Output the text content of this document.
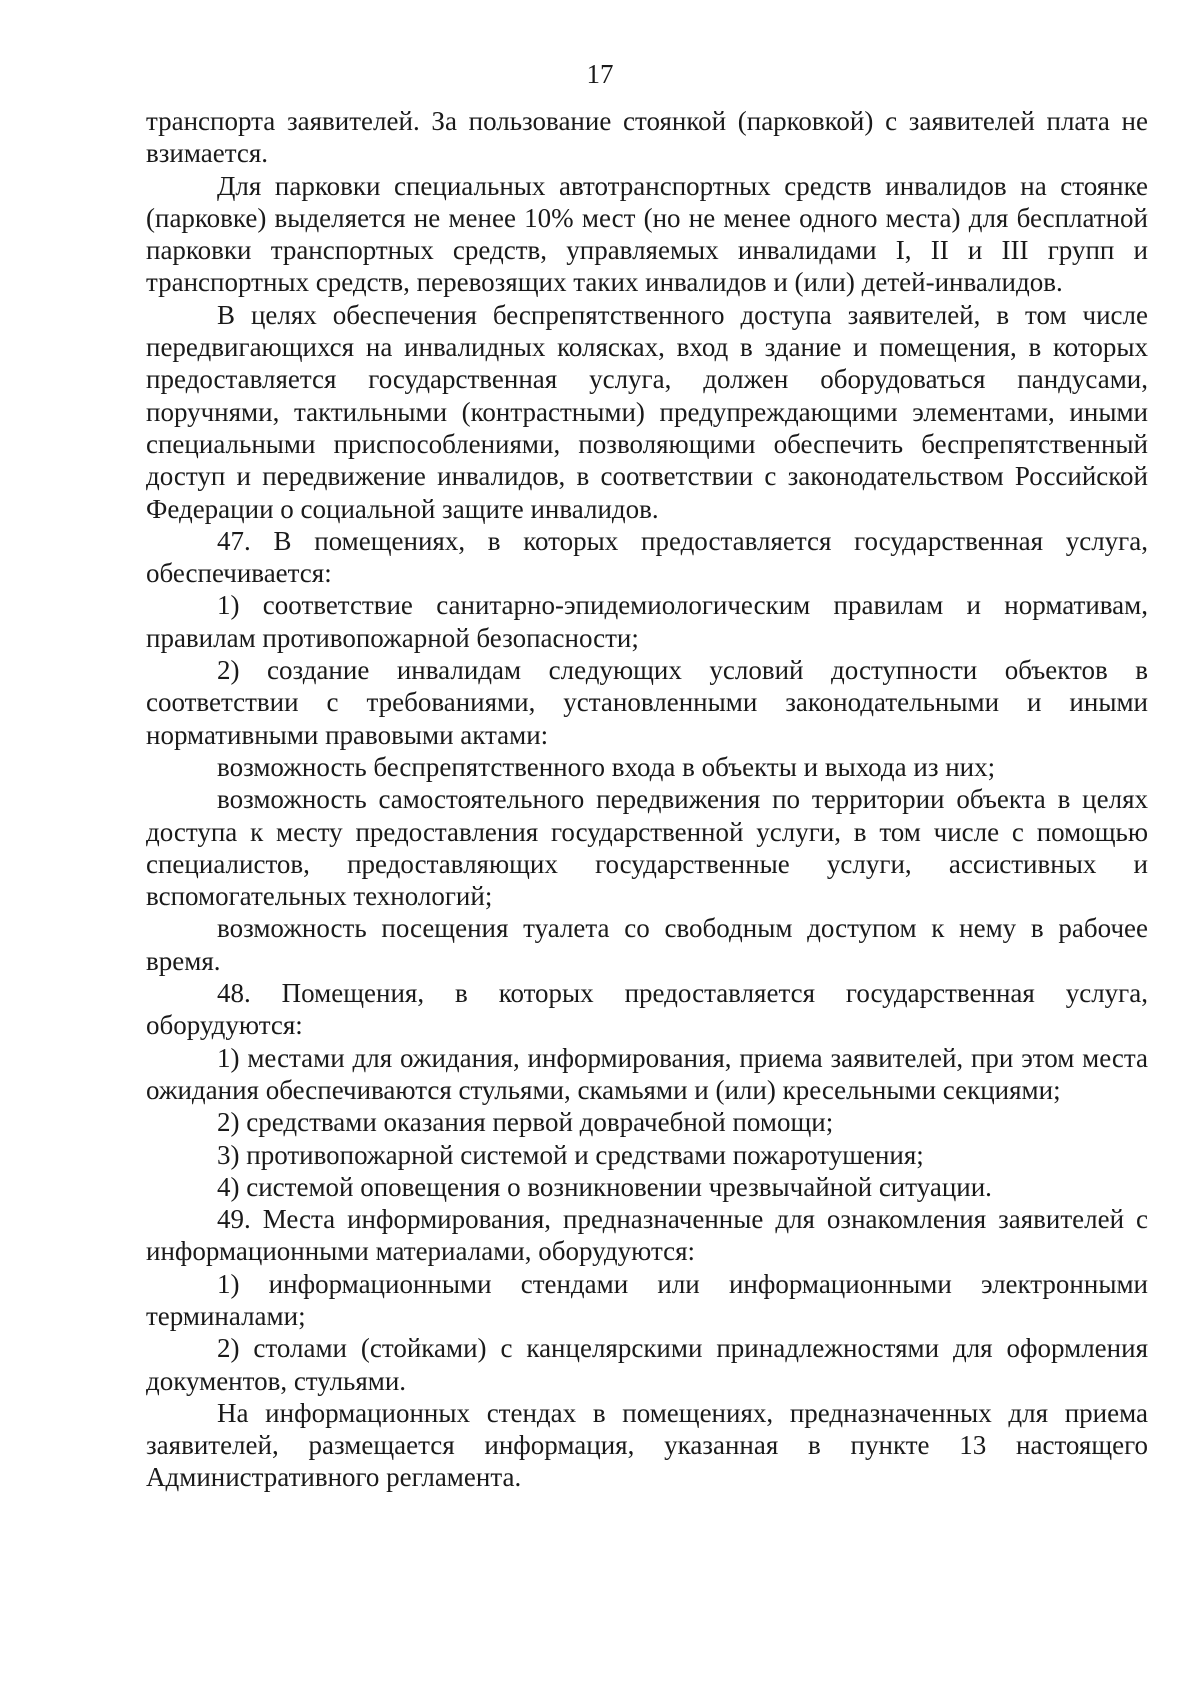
17

транспорта заявителей. За пользование стоянкой (парковкой) с заявителей плата не взимается.

Для парковки специальных автотранспортных средств инвалидов на стоянке (парковке) выделяется не менее 10% мест (но не менее одного места) для бесплатной парковки транспортных средств, управляемых инвалидами I, II и III групп и транспортных средств, перевозящих таких инвалидов и (или) детей-инвалидов.

В целях обеспечения беспрепятственного доступа заявителей, в том числе передвигающихся на инвалидных колясках, вход в здание и помещения, в которых предоставляется государственная услуга, должен оборудоваться пандусами, поручнями, тактильными (контрастными) предупреждающими элементами, иными специальными приспособлениями, позволяющими обеспечить беспрепятственный доступ и передвижение инвалидов, в соответствии с законодательством Российской Федерации о социальной защите инвалидов.

47. В помещениях, в которых предоставляется государственная услуга, обеспечивается:

1) соответствие санитарно-эпидемиологическим правилам и нормативам, правилам противопожарной безопасности;

2) создание инвалидам следующих условий доступности объектов в соответствии с требованиями, установленными законодательными и иными нормативными правовыми актами:

возможность беспрепятственного входа в объекты и выхода из них;

возможность самостоятельного передвижения по территории объекта в целях доступа к месту предоставления государственной услуги, в том числе с помощью специалистов, предоставляющих государственные услуги, ассистивных и вспомогательных технологий;

возможность посещения туалета со свободным доступом к нему в рабочее время.

48. Помещения, в которых предоставляется государственная услуга, оборудуются:

1) местами для ожидания, информирования, приема заявителей, при этом места ожидания обеспечиваются стульями, скамьями и (или) кресельными секциями;

2) средствами оказания первой доврачебной помощи;

3) противопожарной системой и средствами пожаротушения;

4) системой оповещения о возникновении чрезвычайной ситуации.

49. Места информирования, предназначенные для ознакомления заявителей с информационными материалами, оборудуются:

1) информационными стендами или информационными электронными терминалами;

2) столами (стойками) с канцелярскими принадлежностями для оформления документов, стульями.

На информационных стендах в помещениях, предназначенных для приема заявителей, размещается информация, указанная в пункте 13 настоящего Административного регламента.
